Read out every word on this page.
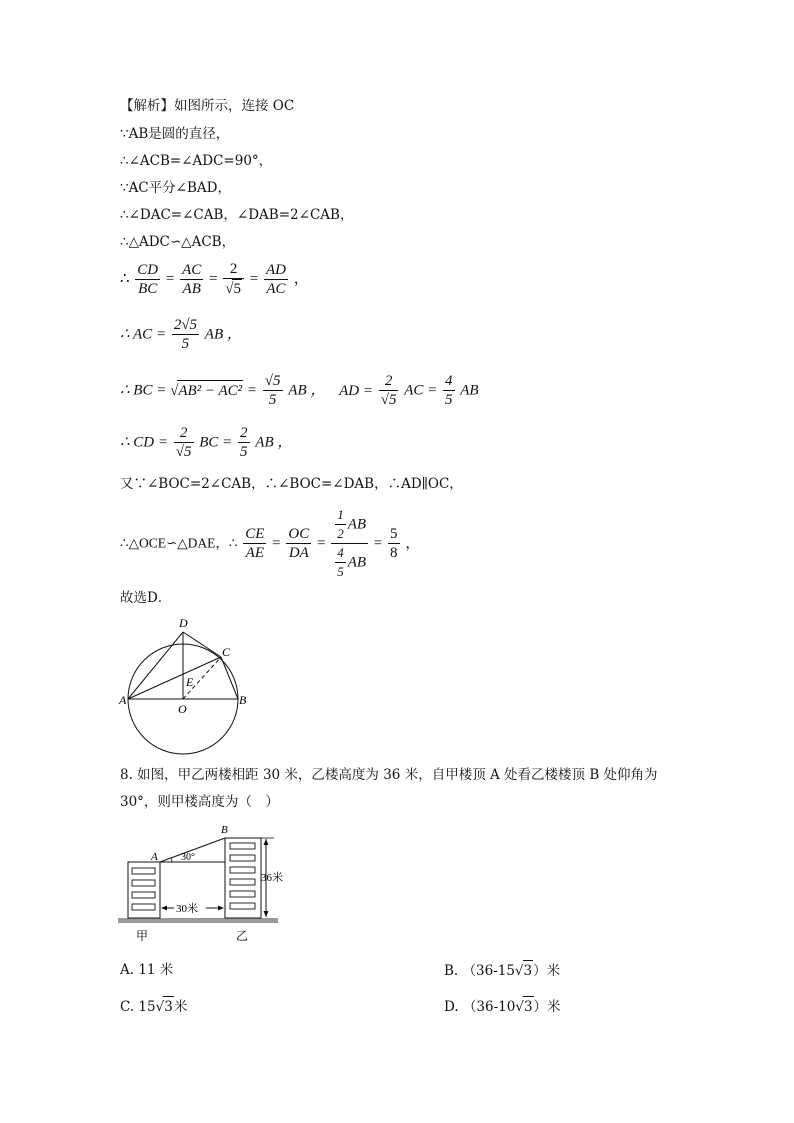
【解析】如图所示，连接 OC
∵AB是圆的直径，
∴∠ACB=∠ADC=90°，
∵AC平分∠BAD，
∴∠DAC=∠CAB，∠DAB=2∠CAB，
∴△ADC∽△ACB，
∴ $\frac{CD}{BC} = \frac{AC}{AB} = \frac{2}{√5} = \frac{AD}{AC}$ ，
∴ AC = $\frac{2√5}{5}$ AB ，
∴ BC = $√AB^2 - AC^2 = \frac{√5}{5}$ AB ， AD = $\frac{2}{√5}$ AC = $\frac{4}{5}$ AB
∴ CD = $\frac{2}{√5}$ BC = $\frac{2}{5}$ AB ，
又∵∠BOC=2∠CAB，∴∠BOC=∠DAB，∴AD∥OC，
∴△OCE∽△DAE，∴ $\frac{CE}{AE} = \frac{OC}{DA} = \frac{\frac{1}{2} AB}{\frac{4}{5} AB} = \frac{5}{8}$ ，
故选D．
D
C
A	B
E
O
8. 如图，甲乙两楼相距 30 米，乙楼高度为 36 米，自甲楼顶 A 处看乙楼楼顶 B 处仰角为
30°，则甲楼高度为（　）
A
B
30°
36米
30米
甲	乙
A. 11 米	B. （36-15√3）米
C. 15√3米	D. （36-10√3）米
